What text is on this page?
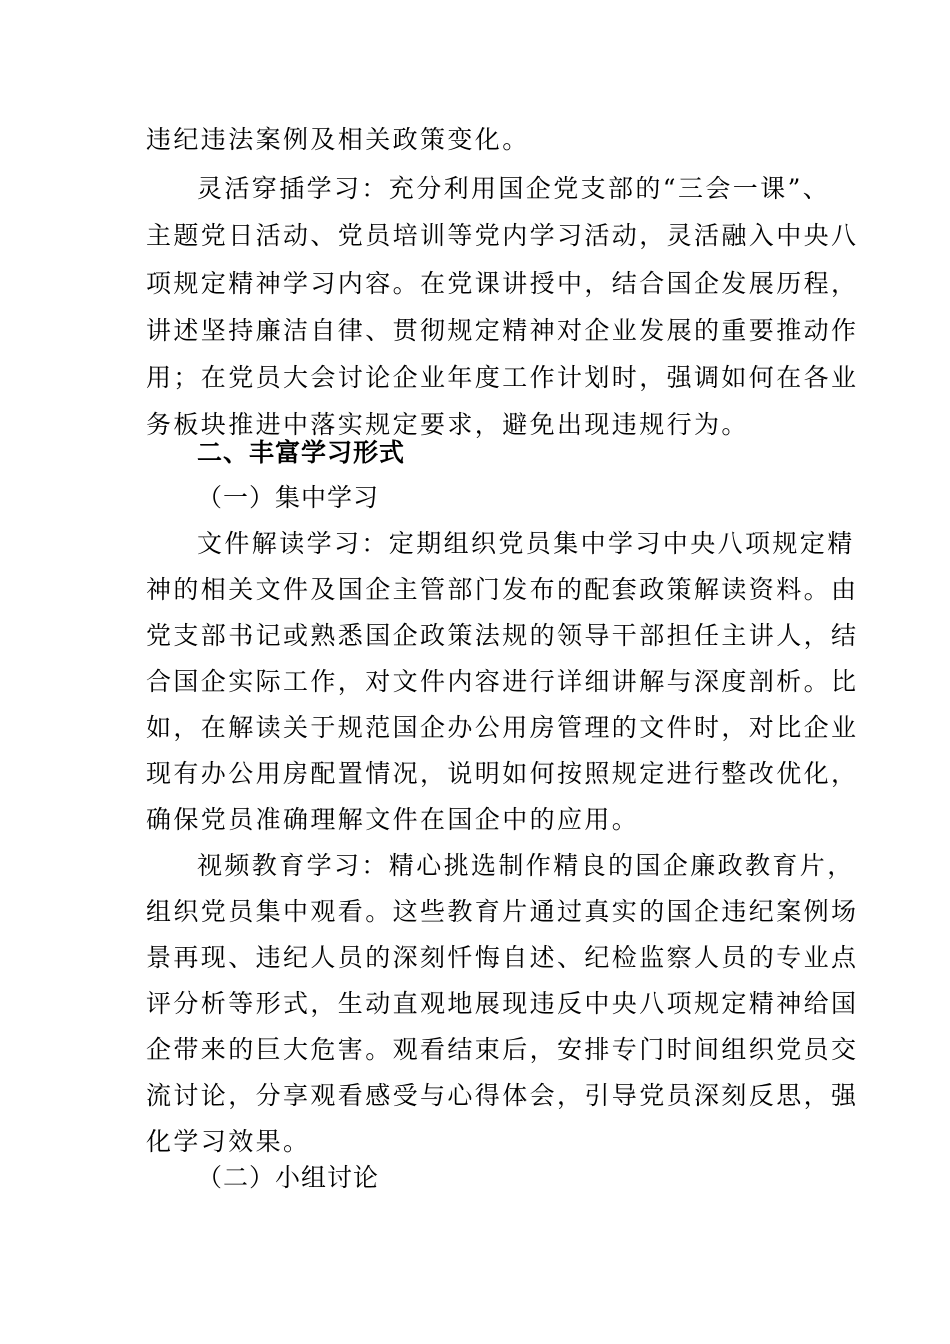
违纪违法案例及相关政策变化。
灵活穿插学习：充分利用国企党支部的“三会一课”、
主题党日活动、党员培训等党内学习活动，灵活融入中央八
项规定精神学习内容。在党课讲授中，结合国企发展历程，
讲述坚持廉洁自律、贯彻规定精神对企业发展的重要推动作
用；在党员大会讨论企业年度工作计划时，强调如何在各业
务板块推进中落实规定要求，避免出现违规行为。
二、丰富学习形式
（一）集中学习
文件解读学习：定期组织党员集中学习中央八项规定精
神的相关文件及国企主管部门发布的配套政策解读资料。由
党支部书记或熟悉国企政策法规的领导干部担任主讲人，结
合国企实际工作，对文件内容进行详细讲解与深度剖析。比
如，在解读关于规范国企办公用房管理的文件时，对比企业
现有办公用房配置情况，说明如何按照规定进行整改优化，
确保党员准确理解文件在国企中的应用。
视频教育学习：精心挑选制作精良的国企廉政教育片，
组织党员集中观看。这些教育片通过真实的国企违纪案例场
景再现、违纪人员的深刻忏悔自述、纪检监察人员的专业点
评分析等形式，生动直观地展现违反中央八项规定精神给国
企带来的巨大危害。观看结束后，安排专门时间组织党员交
流讨论，分享观看感受与心得体会，引导党员深刻反思，强
化学习效果。
（二）小组讨论
